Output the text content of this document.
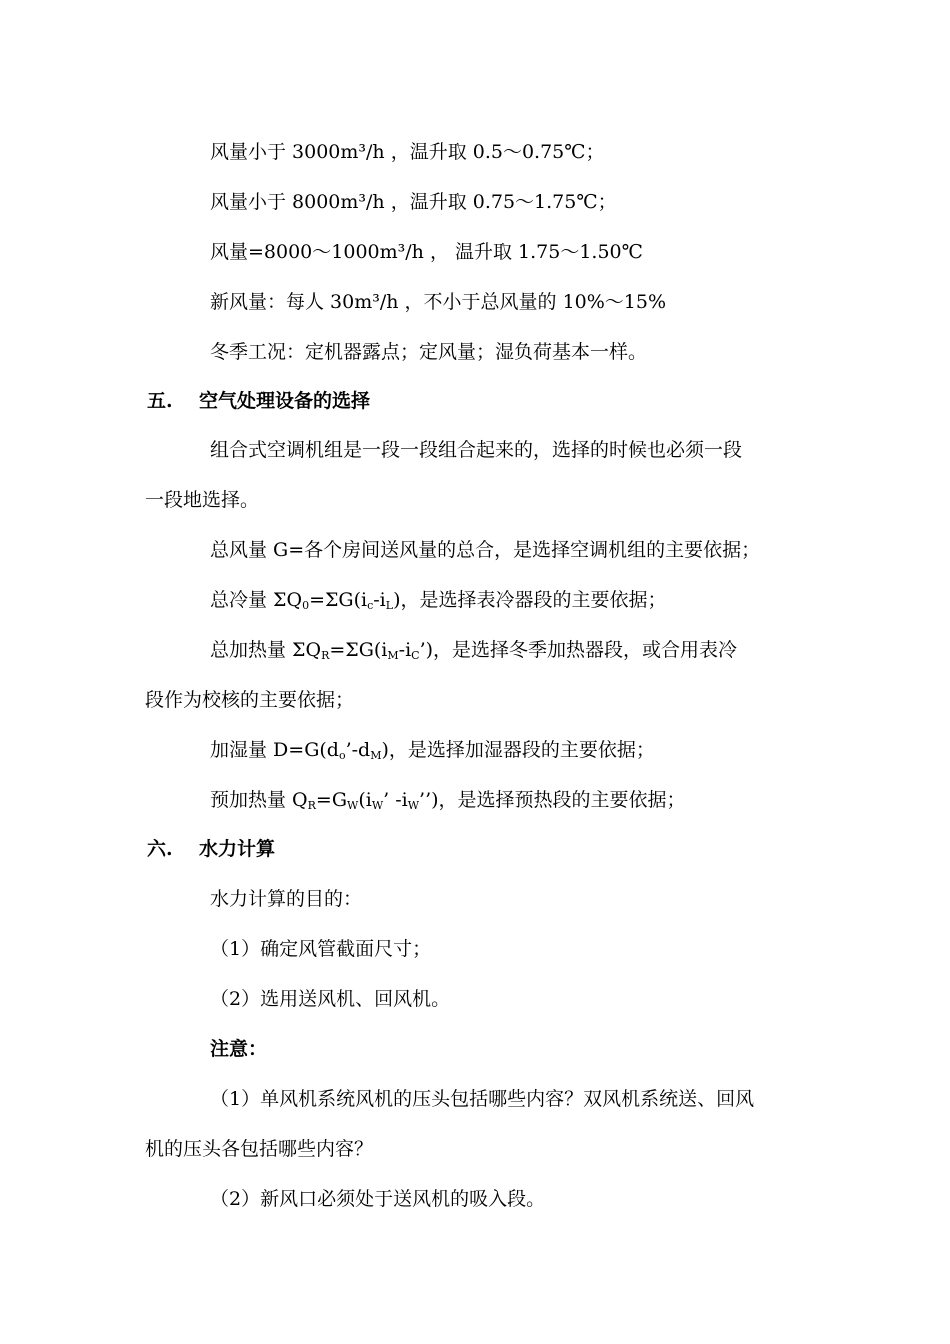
风量小于 3000m³/h ，温升取 0.5～0.75℃；
风量小于 8000m³/h ，温升取 0.75～1.75℃；
风量=8000～1000m³/h ， 温升取 1.75～1.50℃
新风量：每人 30m³/h ，不小于总风量的 10%～15%
冬季工况：定机器露点；定风量；湿负荷基本一样。
五. 空气处理设备的选择
组合式空调机组是一段一段组合起来的，选择的时候也必须一段
一段地选择。
总风量 G=各个房间送风量的总合，是选择空调机组的主要依据；
总冷量 $\Sigma Q_0=\Sigma G(i_c-i_L)$，是选择表冷器段的主要依据；
总加热量 $\Sigma Q_R=\Sigma G(i_M-i_C’)$，是选择冬季加热器段，或合用表冷
段作为校核的主要依据；
加湿量 $D=G(d_o’-d_M)$，是选择加湿器段的主要依据；
预加热量 $Q_R=G_W(i_W$’ $-i_W$’’)，是选择预热段的主要依据；
六. 水力计算
水力计算的目的：
（1）确定风管截面尺寸；
（2）选用送风机、回风机。
注意：
（1）单风机系统风机的压头包括哪些内容？双风机系统送、回风
机的压头各包括哪些内容？
（2）新风口必须处于送风机的吸入段。
